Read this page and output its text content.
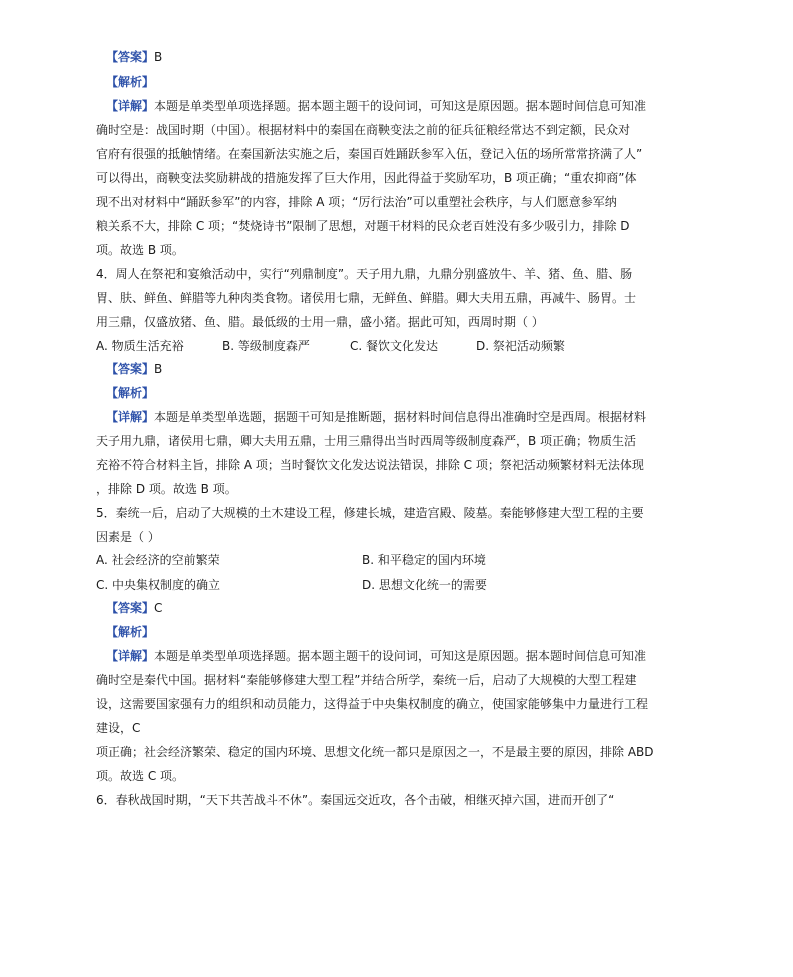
【答案】B
【解析】
【详解】本题是单类型单项选择题。据本题主题干的设问词，可知这是原因题。据本题时间信息可知准
确时空是：战国时期（中国）。根据材料中的秦国在商鞅变法之前的征兵征粮经常达不到定额，民众对
官府有很强的抵触情绪。在秦国新法实施之后，秦国百姓踊跃参军入伍，登记入伍的场所常常挤满了人”
可以得出，商鞅变法奖励耕战的措施发挥了巨大作用，因此得益于奖励军功，B 项正确；“重农抑商”体
现不出对材料中“踊跃参军”的内容，排除 A 项；“厉行法治”可以重塑社会秩序，与人们愿意参军纳
粮关系不大，排除 C 项；“焚烧诗书”限制了思想，对题干材料的民众老百姓没有多少吸引力，排除 D
项。故选 B 项。
4．周人在祭祀和宴飨活动中，实行“列鼎制度”。天子用九鼎，九鼎分别盛放牛、羊、猪、鱼、腊、肠
胃、肤、鲜鱼、鲜腊等九种肉类食物。诸侯用七鼎，无鲜鱼、鲜腊。卿大夫用五鼎，再减牛、肠胃。士
用三鼎，仅盛放猪、鱼、腊。最低级的士用一鼎，盛小猪。据此可知，西周时期（ ）
A. 物质生活充裕	B. 等级制度森严	C. 餐饮文化发达	D. 祭祀活动频繁
【答案】B
【解析】
【详解】本题是单类型单选题，据题干可知是推断题，据材料时间信息得出准确时空是西周。根据材料
天子用九鼎，诸侯用七鼎，卿大夫用五鼎，士用三鼎得出当时西周等级制度森严，B 项正确；物质生活
充裕不符合材料主旨，排除 A 项；当时餐饮文化发达说法错误，排除 C 项；祭祀活动频繁材料无法体现
，排除 D 项。故选 B 项。
5．秦统一后，启动了大规模的土木建设工程，修建长城，建造宫殿、陵墓。秦能够修建大型工程的主要
因素是（ ）
A. 社会经济的空前繁荣	B. 和平稳定的国内环境
C. 中央集权制度的确立	D. 思想文化统一的需要
【答案】C
【解析】
【详解】本题是单类型单项选择题。据本题主题干的设问词，可知这是原因题。据本题时间信息可知准
确时空是秦代中国。据材料“秦能够修建大型工程”并结合所学，秦统一后，启动了大规模的大型工程建
设，这需要国家强有力的组织和动员能力，这得益于中央集权制度的确立，使国家能够集中力量进行工程
建设，C
项正确；社会经济繁荣、稳定的国内环境、思想文化统一都只是原因之一，不是最主要的原因，排除 ABD
项。故选 C 项。
6．春秋战国时期，“天下共苦战斗不休”。秦国远交近攻，各个击破，相继灭掉六国，进而开创了“
